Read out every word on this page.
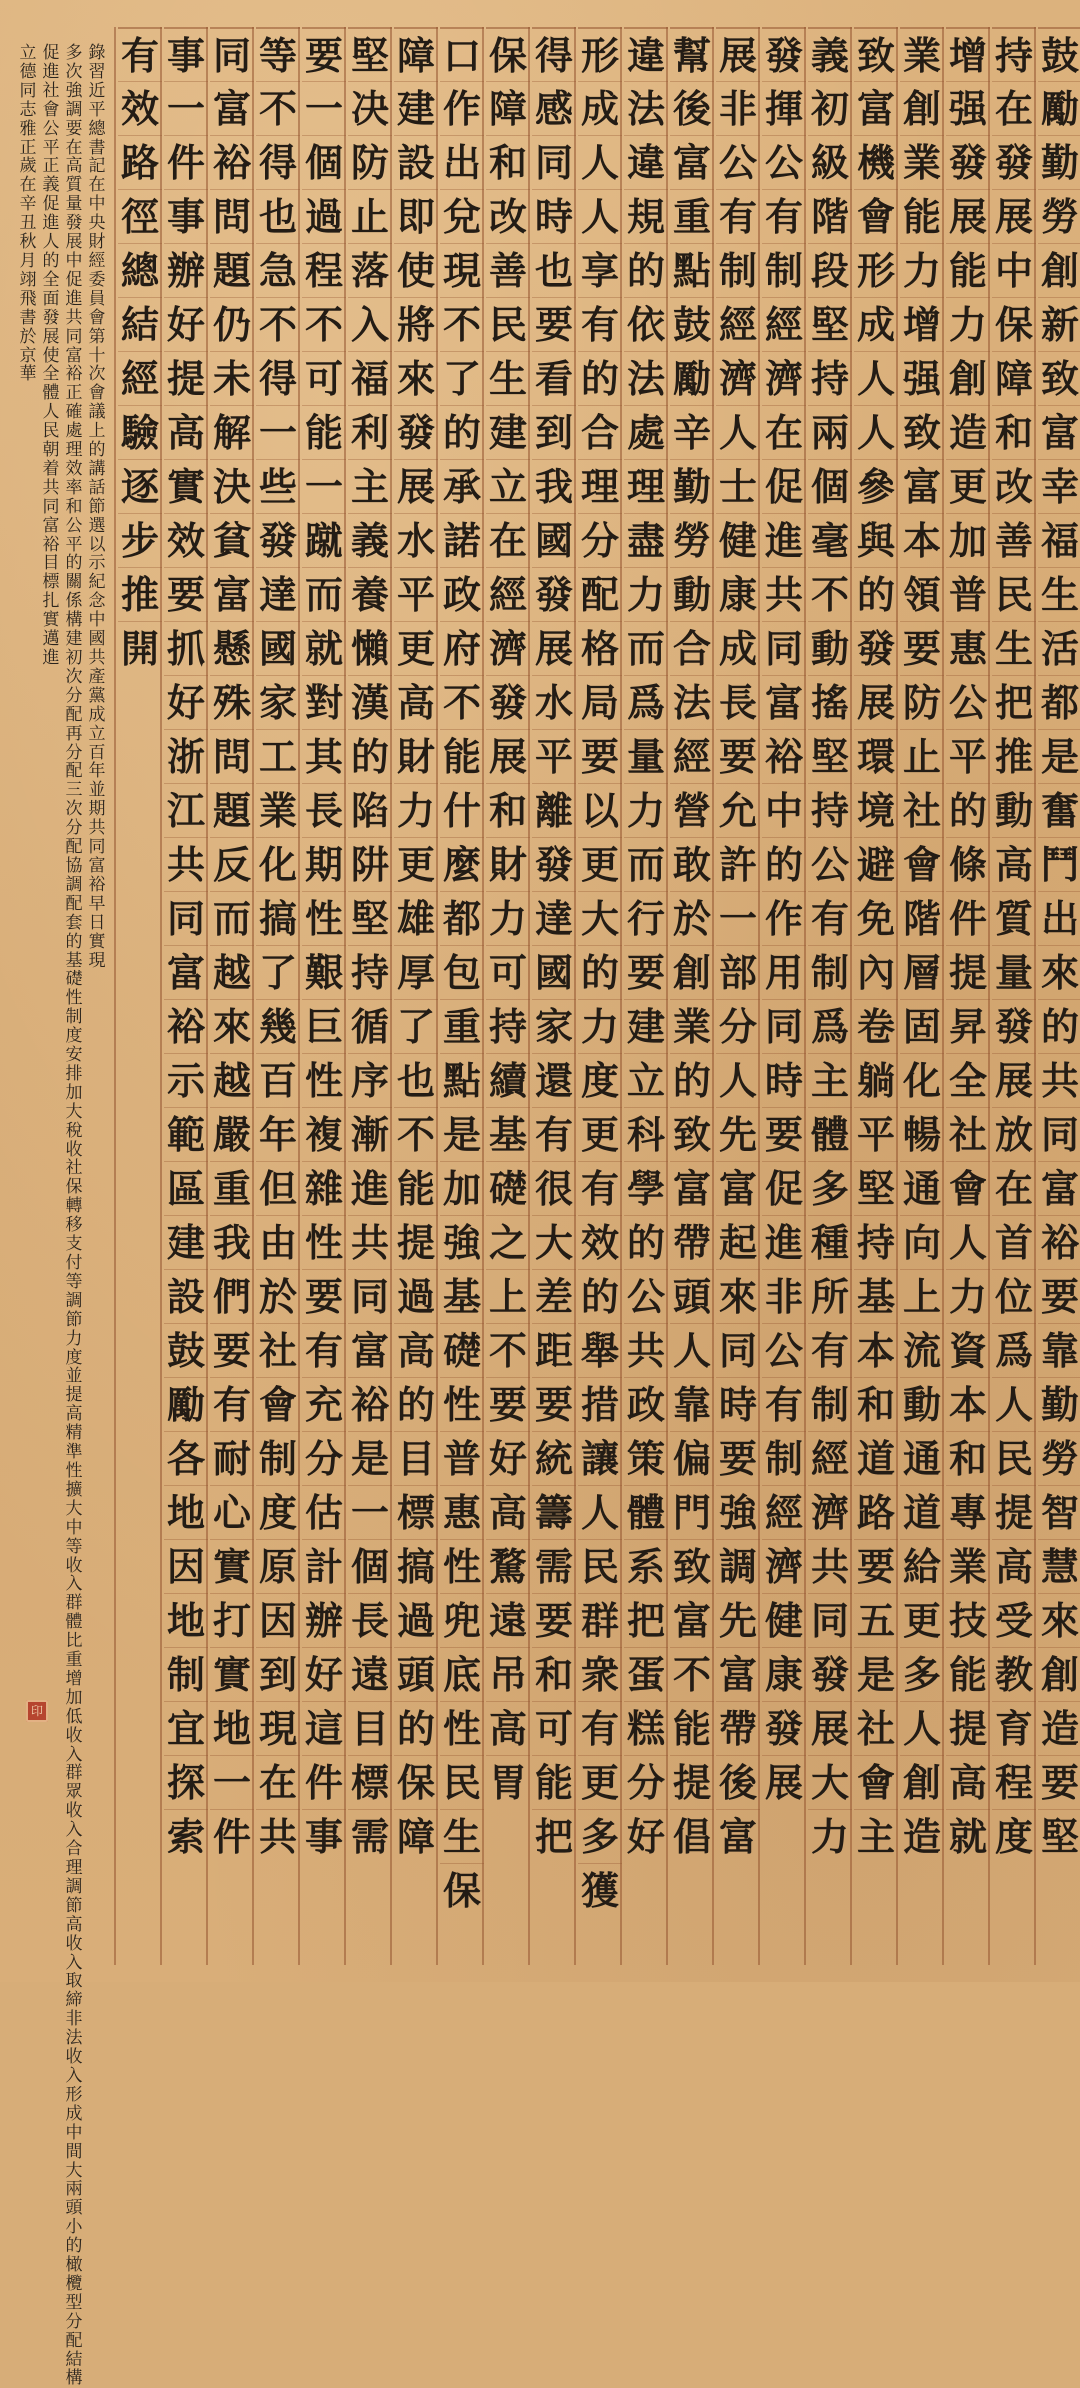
鼓
勵
勤
勞
創
新
致
富
幸
福
生
活
都
是
奮
鬥
出
來
的
共
同
富
裕
要
靠
勤
勞
智
慧
來
創
造
要
堅
持
在
發
展
中
保
障
和
改
善
民
生
把
推
動
高
質
量
發
展
放
在
首
位
爲
人
民
提
高
受
教
育
程
度
增
强
發
展
能
力
創
造
更
加
普
惠
公
平
的
條
件
提
昇
全
社
會
人
力
資
本
和
專
業
技
能
提
高
就
業
創
業
能
力
增
强
致
富
本
領
要
防
止
社
會
階
層
固
化
暢
通
向
上
流
動
通
道
給
更
多
人
創
造
致
富
機
會
形
成
人
人
參
與
的
發
展
環
境
避
免
內
卷
躺
平
堅
持
基
本
和
道
路
要
五
是
社
會
主
義
初
級
階
段
堅
持
兩
個
毫
不
動
搖
堅
持
公
有
制
爲
主
體
多
種
所
有
制
經
濟
共
同
發
展
大
力
發
揮
公
有
制
經
濟
在
促
進
共
同
富
裕
中
的
作
用
同
時
要
促
進
非
公
有
制
經
濟
健
康
發
展
展
非
公
有
制
經
濟
人
士
健
康
成
長
要
允
許
一
部
分
人
先
富
起
來
同
時
要
強
調
先
富
帶
後
富
幫
後
富
重
點
鼓
勵
辛
勤
勞
動
合
法
經
營
敢
於
創
業
的
致
富
帶
頭
人
靠
偏
門
致
富
不
能
提
倡
違
法
違
規
的
依
法
處
理
盡
力
而
爲
量
力
而
行
要
建
立
科
學
的
公
共
政
策
體
系
把
蛋
糕
分
好
形
成
人
人
享
有
的
合
理
分
配
格
局
要
以
更
大
的
力
度
更
有
效
的
舉
措
讓
人
民
群
衆
有
更
多
獲
得
感
同
時
也
要
看
到
我
國
發
展
水
平
離
發
達
國
家
還
有
很
大
差
距
要
統
籌
需
要
和
可
能
把
保
障
和
改
善
民
生
建
立
在
經
濟
發
展
和
財
力
可
持
續
基
礎
之
上
不
要
好
高
騖
遠
吊
高
胃
口
作
出
兌
現
不
了
的
承
諾
政
府
不
能
什
麼
都
包
重
點
是
加
強
基
礎
性
普
惠
性
兜
底
性
民
生
保
障
建
設
即
使
將
來
發
展
水
平
更
高
財
力
更
雄
厚
了
也
不
能
提
過
高
的
目
標
搞
過
頭
的
保
障
堅
决
防
止
落
入
福
利
主
義
養
懶
漢
的
陷
阱
堅
持
循
序
漸
進
共
同
富
裕
是
一
個
長
遠
目
標
需
要
一
個
過
程
不
可
能
一
蹴
而
就
對
其
長
期
性
艱
巨
性
複
雜
性
要
有
充
分
估
計
辦
好
這
件
事
等
不
得
也
急
不
得
一
些
發
達
國
家
工
業
化
搞
了
幾
百
年
但
由
於
社
會
制
度
原
因
到
現
在
共
同
富
裕
問
題
仍
未
解
決
貧
富
懸
殊
問
題
反
而
越
來
越
嚴
重
我
們
要
有
耐
心
實
打
實
地
一
件
事
一
件
事
辦
好
提
高
實
效
要
抓
好
浙
江
共
同
富
裕
示
範
區
建
設
鼓
勵
各
地
因
地
制
宜
探
索
有
效
路
徑
總
結
經
驗
逐
步
推
開
錄習近平總書記在中央財經委員會第十次會議上的講話節選以示紀念中國共產黨成立百年並期共同富裕早日實現
多次強調要在高質量發展中促進共同富裕正確處理效率和公平的關係構建初次分配再分配三次分配協調配套的基礎性制度安排加大稅收社保轉移支付等調節力度並提高精準性擴大中等收入群體比重增加低收入群眾收入合理調節高收入取締非法收入形成中間大兩頭小的橄欖型分配結構
促進社會公平正義促進人的全面發展使全體人民朝着共同富裕目標扎實邁進
立德同志雅正 歲在辛丑秋月 翊飛書於京華
印
